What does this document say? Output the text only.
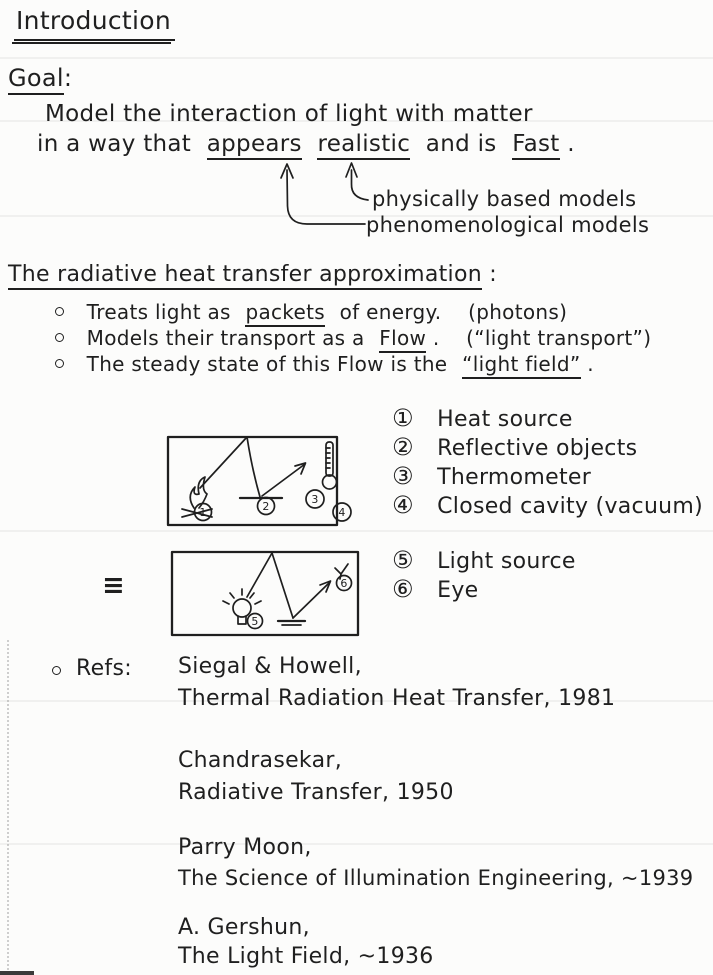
Introduction
Goal:
Model the interaction of light with matter
in a way that appears realistic and is Fast .
physically based models
phenomenological models
The radiative heat transfer approximation :
Treats light as packets of energy. (photons)
Models their transport as a Flow . (“light transport”)
The steady state of this Flow is the “light field” .
1	2
3
4
① Heat source
② Reflective objects
③ Thermometer
④ Closed cavity (vacuum)
≡
5
6
⑤ Light source
⑥ Eye
Refs: Siegal & Howell,
Thermal Radiation Heat Transfer, 1981
Chandrasekar,
Radiative Transfer, 1950
Parry Moon,
The Science of Illumination Engineering, ~1939
A. Gershun,
The Light Field, ~1936
